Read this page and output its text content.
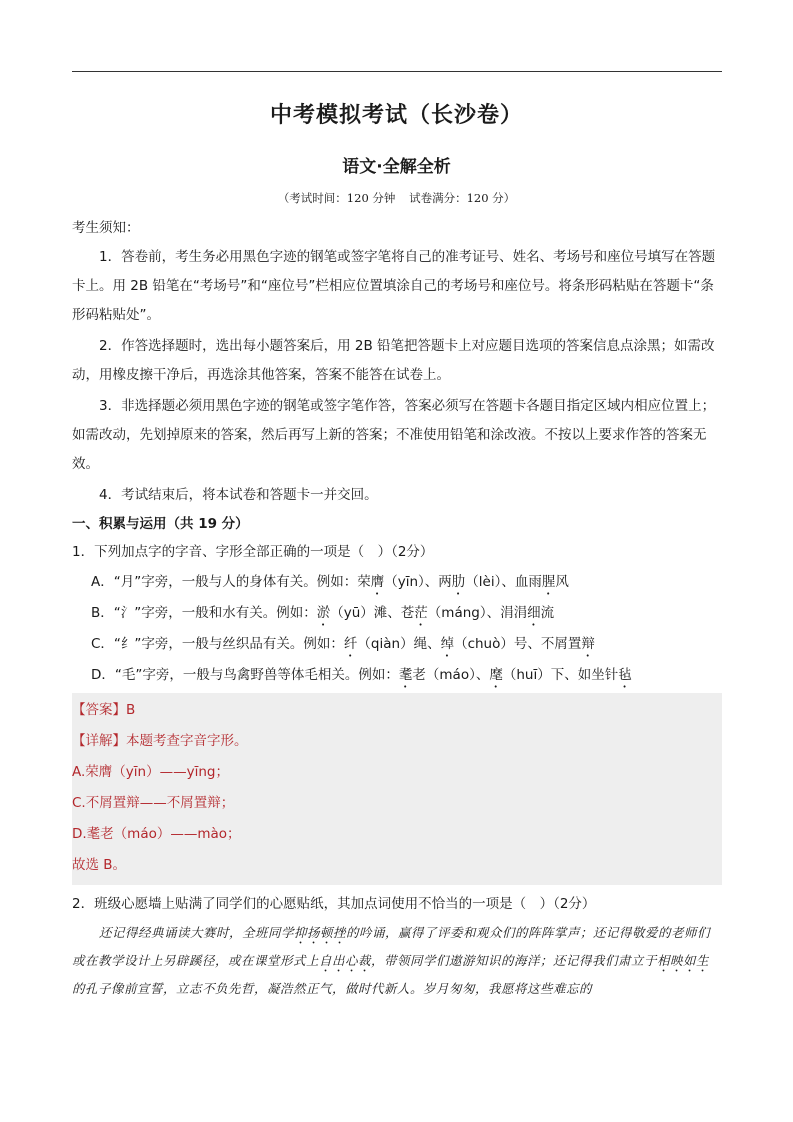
中考模拟考试（长沙卷）
语文·全解全析
（考试时间：120 分钟 试卷满分：120 分）

考生须知：

1．答卷前，考生务必用黑色字迹的钢笔或签字笔将自己的准考证号、姓名、考场号和座位号填写在答题卡上。用 2B 铅笔在“考场号”和“座位号”栏相应位置填涂自己的考场号和座位号。将条形码粘贴在答题卡“条形码粘贴处”。

2．作答选择题时，选出每小题答案后，用 2B 铅笔把答题卡上对应题目选项的答案信息点涂黑；如需改动，用橡皮擦干净后，再选涂其他答案，答案不能答在试卷上。

3．非选择题必须用黑色字迹的钢笔或签字笔作答，答案必须写在答题卡各题目指定区域内相应位置上；如需改动，先划掉原来的答案，然后再写上新的答案；不准使用铅笔和涂改液。不按以上要求作答的答案无效。

4．考试结束后，将本试卷和答题卡一并交回。

一、积累与运用（共 19 分）

1．下列加点字的字音、字形全部正确的一项是（　）（2分）

A．“月”字旁，一般与人的身体有关。例如：荣膺（yīn）、两肋（lèi）、血雨腥风

B．“氵”字旁，一般和水有关。例如：淤（yū）滩、苍茫（máng）、涓涓细流

C．“纟”字旁，一般与丝织品有关。例如：纤（qiàn）绳、绰（chuò）号、不屑置辩

D．“毛”字旁，一般与鸟禽野兽等体毛相关。例如：耄老（máo）、麾（huī）下、如坐针毡

【答案】B

【详解】本题考查字音字形。

A.荣膺（yīn）——yīng；

C.不屑置辩——不屑置辩；

D.耄老（máo）——mào；

故选 B。

2．班级心愿墙上贴满了同学们的心愿贴纸，其加点词使用不恰当的一项是（　）（2分）

还记得经典诵读大赛时，全班同学抑扬顿挫的吟诵，赢得了评委和观众们的阵阵掌声；还记得敬爱的老师们或在教学设计上另辟蹊径，或在课堂形式上自出心裁，带领同学们遨游知识的海洋；还记得我们肃立于相映如生的孔子像前宣誓，立志不负先哲，凝浩然正气，做时代新人。岁月匆匆，我愿将这些难忘的
